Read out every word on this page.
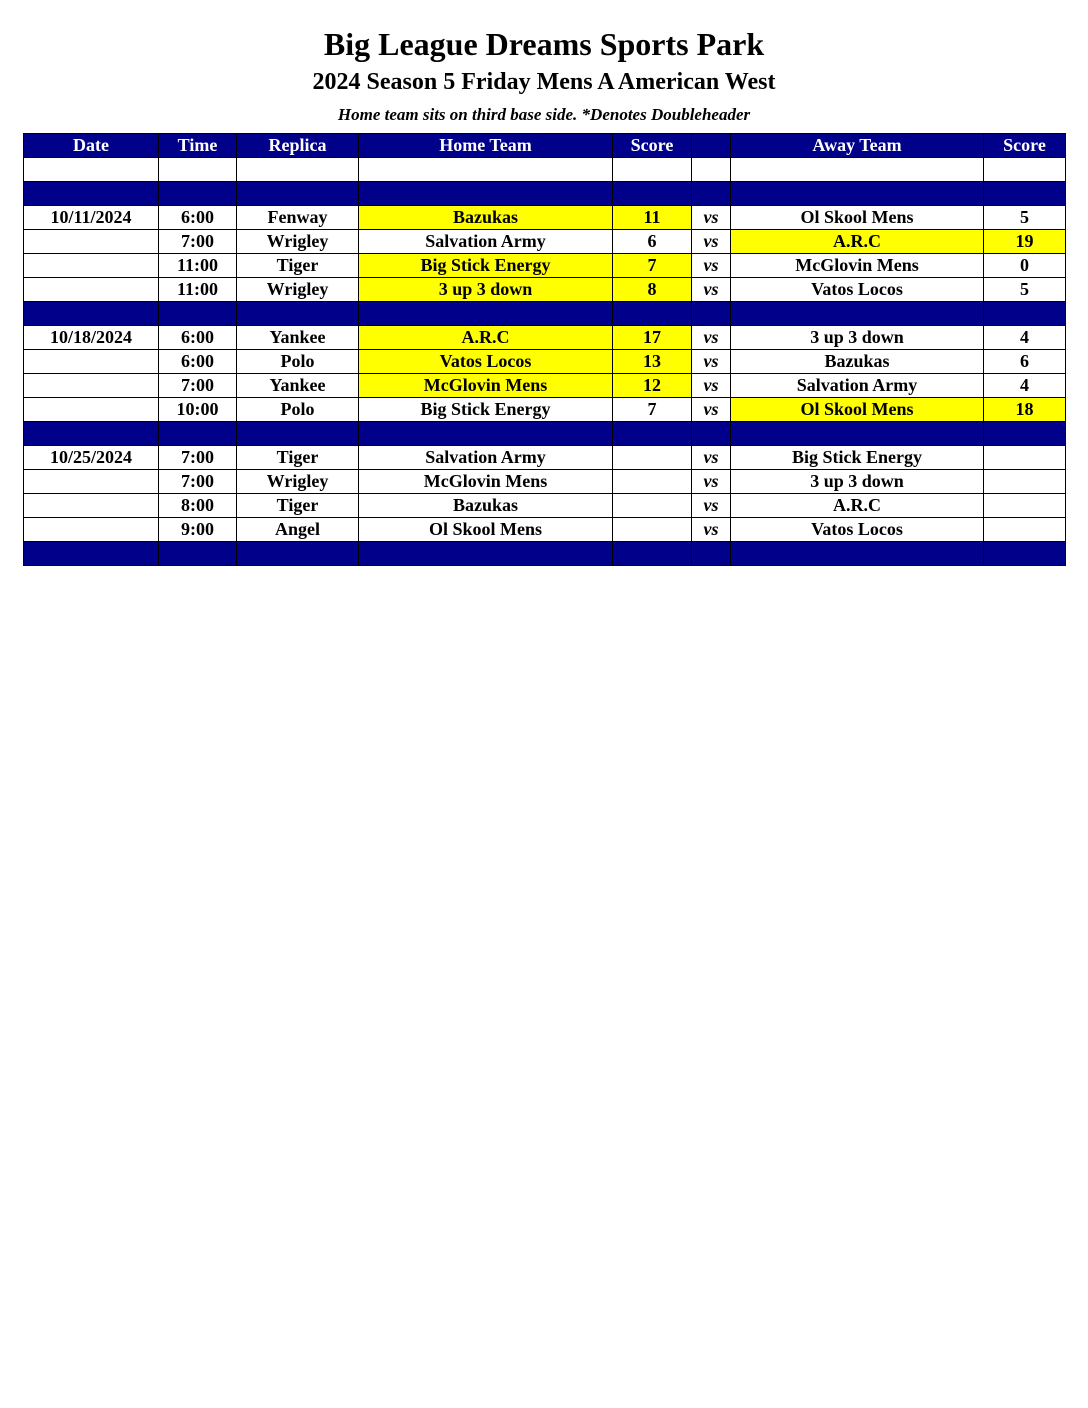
Big League Dreams Sports Park
2024 Season 5 Friday Mens A American West
Home team sits on third base side. *Denotes Doubleheader
Date	Time	Replica	Home Team	Score		Away Team	Score

10/11/2024	6:00	Fenway	Bazukas	11	vs	Ol Skool Mens	5
	7:00	Wrigley	Salvation Army	6	vs	A.R.C	19
	11:00	Tiger	Big Stick Energy	7	vs	McGlovin Mens	0
	11:00	Wrigley	3 up 3 down	8	vs	Vatos Locos	5

10/18/2024	6:00	Yankee	A.R.C	17	vs	3 up 3 down	4
	6:00	Polo	Vatos Locos	13	vs	Bazukas	6
	7:00	Yankee	McGlovin Mens	12	vs	Salvation Army	4
	10:00	Polo	Big Stick Energy	7	vs	Ol Skool Mens	18

10/25/2024	7:00	Tiger	Salvation Army		vs	Big Stick Energy	
	7:00	Wrigley	McGlovin Mens		vs	3 up 3 down	
	8:00	Tiger	Bazukas		vs	A.R.C	
	9:00	Angel	Ol Skool Mens		vs	Vatos Locos	
